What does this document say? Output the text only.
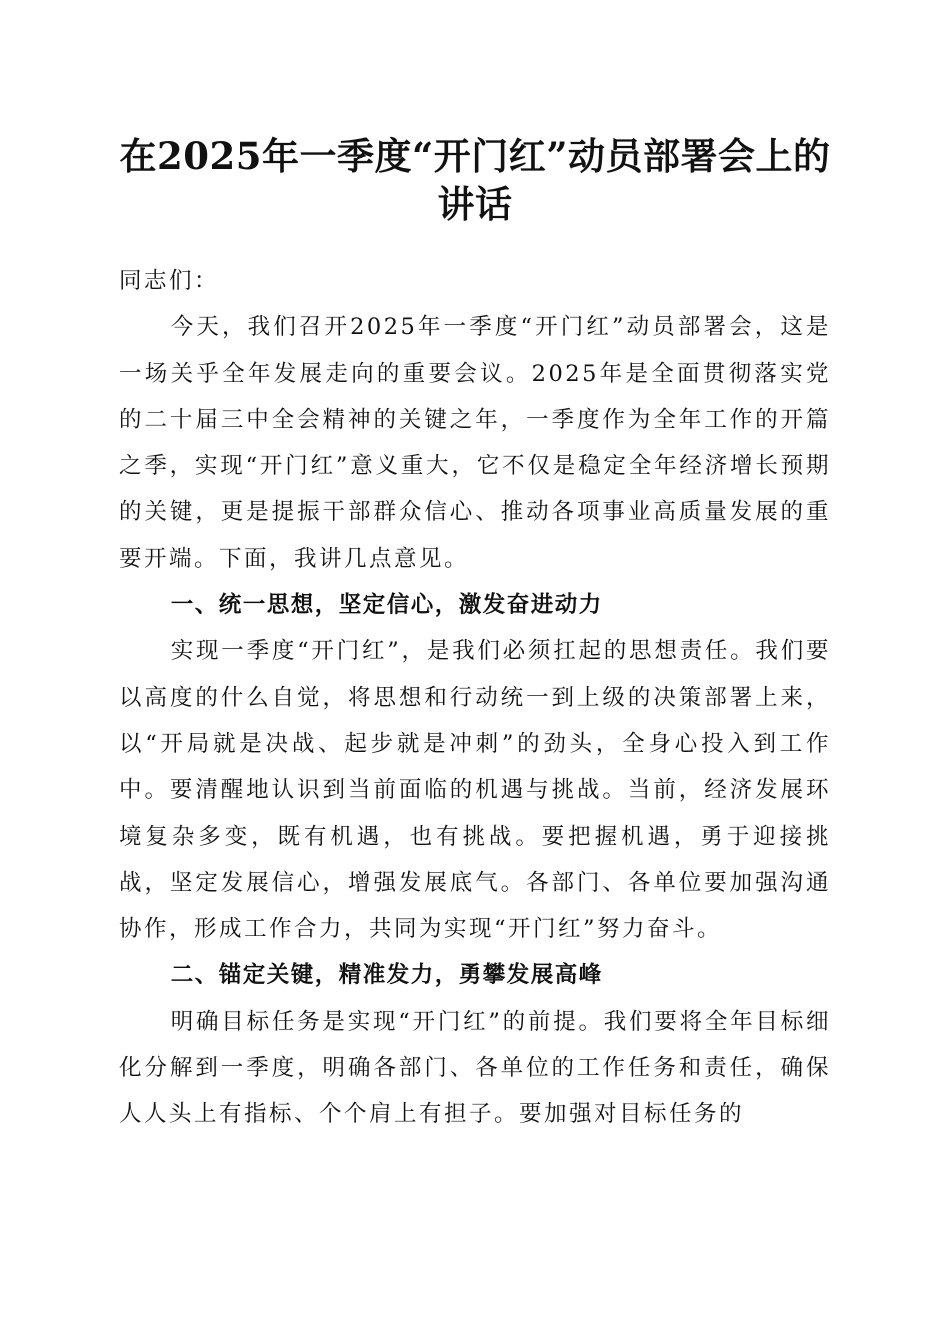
在2025年一季度“开门红”动员部署会上的
讲话

同志们：

今天，我们召开2025年一季度“开门红”动员部署会，这是一场关乎全年发展走向的重要会议。2025年是全面贯彻落实党的二十届三中全会精神的关键之年，一季度作为全年工作的开篇之季，实现“开门红”意义重大，它不仅是稳定全年经济增长预期的关键，更是提振干部群众信心、推动各项事业高质量发展的重要开端。下面，我讲几点意见。

一、统一思想，坚定信心，激发奋进动力

实现一季度“开门红”，是我们必须扛起的思想责任。我们要以高度的什么自觉，将思想和行动统一到上级的决策部署上来，以“开局就是决战、起步就是冲刺”的劲头，全身心投入到工作中。要清醒地认识到当前面临的机遇与挑战。当前，经济发展环境复杂多变，既有机遇，也有挑战。要把握机遇，勇于迎接挑战，坚定发展信心，增强发展底气。各部门、各单位要加强沟通协作，形成工作合力，共同为实现“开门红”努力奋斗。

二、锚定关键，精准发力，勇攀发展高峰

明确目标任务是实现“开门红”的前提。我们要将全年目标细化分解到一季度，明确各部门、各单位的工作任务和责任，确保人人头上有指标、个个肩上有担子。要加强对目标任务的
